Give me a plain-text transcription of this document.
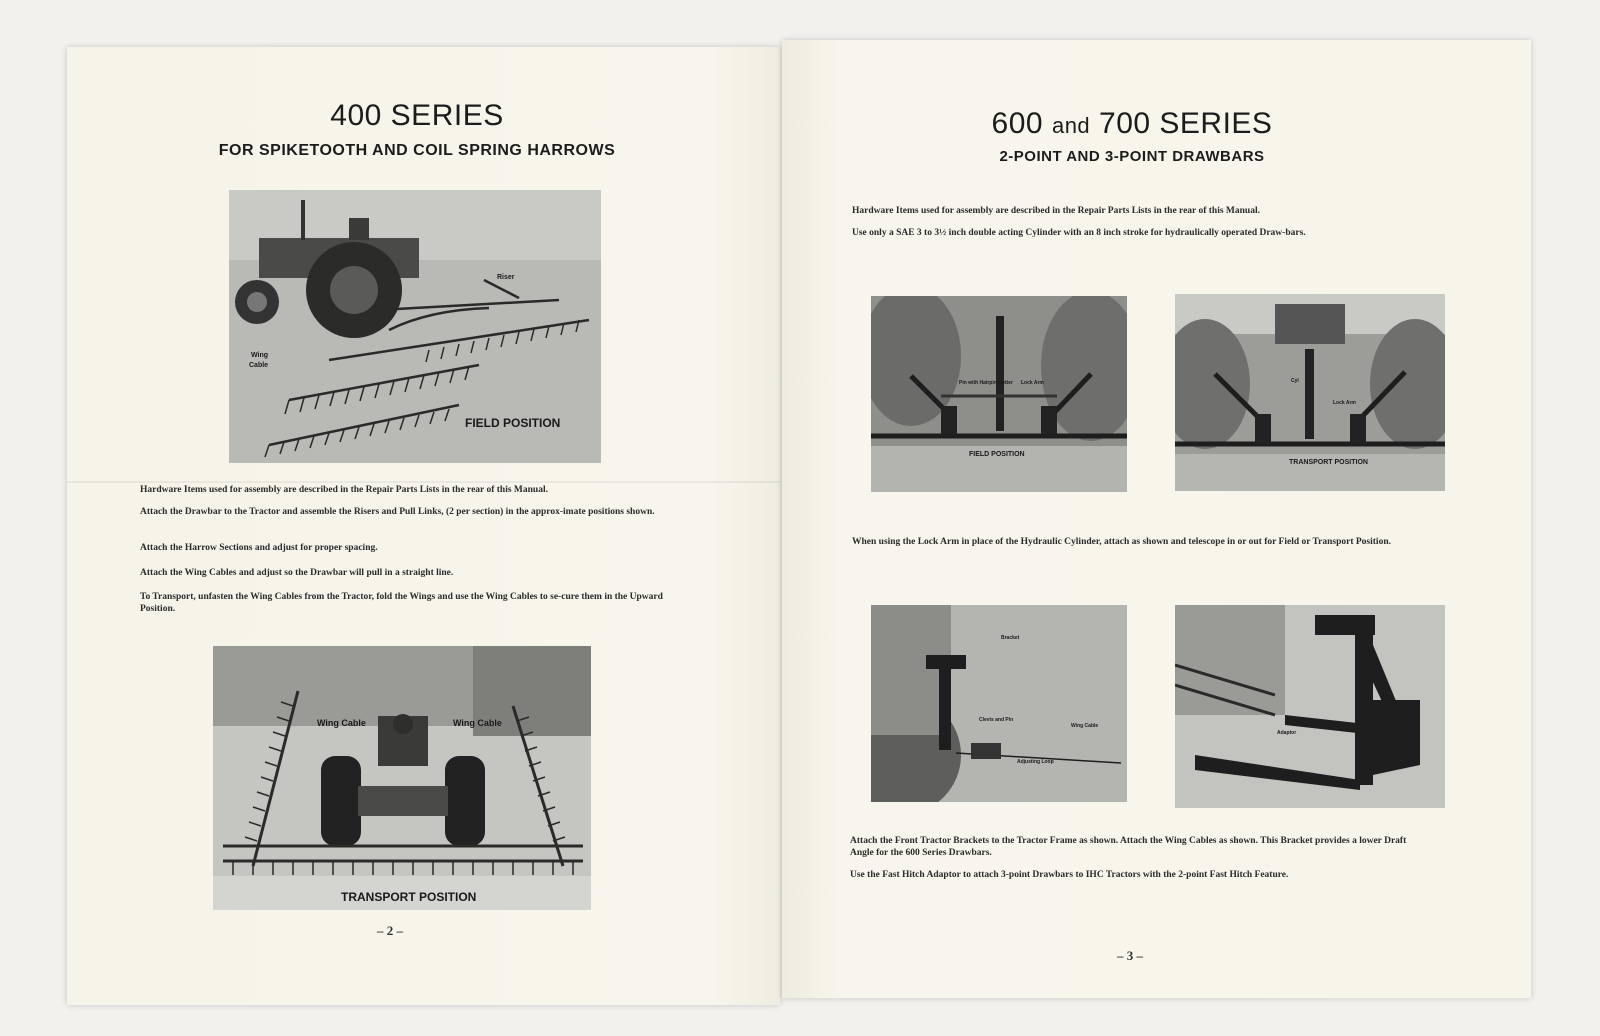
400 SERIES
FOR SPIKETOOTH AND COIL SPRING HARROWS
Riser
Wing
Cable
FIELD POSITION

Hardware Items used for assembly are described in the Repair Parts Lists in the rear of this Manual.

Attach the Drawbar to the Tractor and assemble the Risers and Pull Links, (2 per section) in the approx-imate positions shown.

Attach the Harrow Sections and adjust for proper spacing.

Attach the Wing Cables and adjust so the Drawbar will pull in a straight line.

To Transport, unfasten the Wing Cables from the Tractor, fold the Wings and use the Wing Cables to se-cure them in the Upward Position.

Wing Cable	Wing Cable
TRANSPORT POSITION
– 2 –
600 and 700 SERIES
2-POINT AND 3-POINT DRAWBARS

Hardware Items used for assembly are described in the Repair Parts Lists in the rear of this Manual.

Use only a SAE 3 to 3½ inch double acting Cylinder with an 8 inch stroke for hydraulically operated Draw-bars.

Pin with Hairpin Cotter Lock Arm
FIELD POSITION
Cyl
Lock Arm
TRANSPORT POSITION

When using the Lock Arm in place of the Hydraulic Cylinder, attach as shown and telescope in or out for Field or Transport Position.

Bracket
Clevis and Pin
Wing Cable
Adjusting Loop
Adaptor

Attach the Front Tractor Brackets to the Tractor Frame as shown. Attach the Wing Cables as shown. This Bracket provides a lower Draft Angle for the 600 Series Drawbars.

Use the Fast Hitch Adaptor to attach 3-point Drawbars to IHC Tractors with the 2-point Fast Hitch Feature.

– 3 –
